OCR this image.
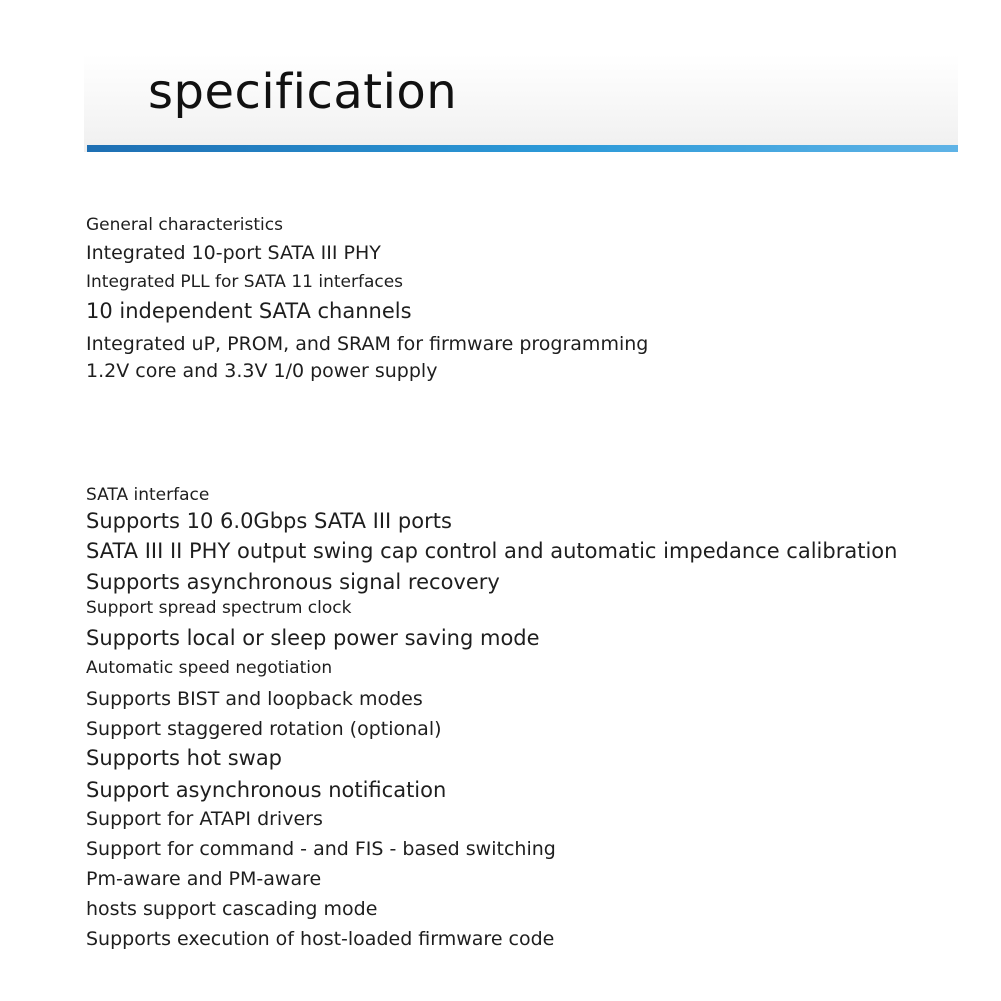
specification
General characteristics
Integrated 10-port SATA III PHY
Integrated PLL for SATA 11 interfaces
10 independent SATA channels
Integrated uP, PROM, and SRAM for firmware programming
1.2V core and 3.3V 1/0 power supply
SATA interface
Supports 10 6.0Gbps SATA III ports
SATA III II PHY output swing cap control and automatic impedance calibration
Supports asynchronous signal recovery
Support spread spectrum clock
Supports local or sleep power saving mode
Automatic speed negotiation
Supports BIST and loopback modes
Support staggered rotation (optional)
Supports hot swap
Support asynchronous notification
Support for ATAPI drivers
Support for command - and FIS - based switching
Pm-aware and PM-aware
hosts support cascading mode
Supports execution of host-loaded firmware code
